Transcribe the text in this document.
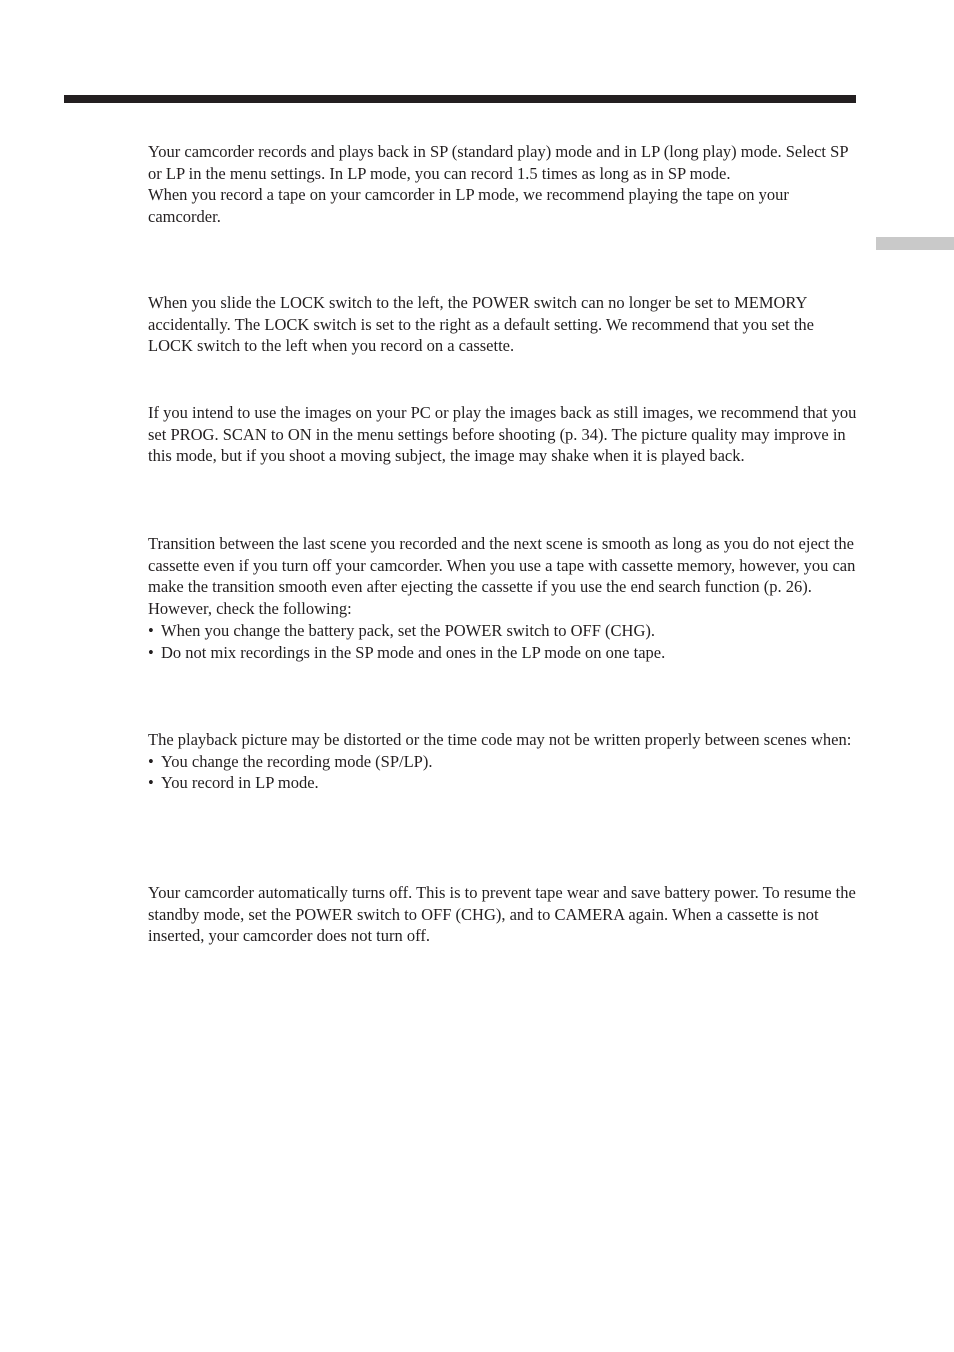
Your camcorder records and plays back in SP (standard play) mode and in LP (long play) mode. Select SP or LP in the menu settings. In LP mode, you can record 1.5 times as long as in SP mode.

When you record a tape on your camcorder in LP mode, we recommend playing the tape on your camcorder.

When you slide the LOCK switch to the left, the POWER switch can no longer be set to MEMORY accidentally. The LOCK switch is set to the right as a default setting. We recommend that you set the LOCK switch to the left when you record on a cassette.

If you intend to use the images on your PC or play the images back as still images, we recommend that you set PROG. SCAN to ON in the menu settings before shooting (p. 34). The picture quality may improve in this mode, but if you shoot a moving subject, the image may shake when it is played back.

Transition between the last scene you recorded and the next scene is smooth as long as you do not eject the cassette even if you turn off your camcorder. When you use a tape with cassette memory, however, you can make the transition smooth even after ejecting the cassette if you use the end search function (p. 26).

However, check the following:

• When you change the battery pack, set the POWER switch to OFF (CHG).

• Do not mix recordings in the SP mode and ones in the LP mode on one tape.

The playback picture may be distorted or the time code may not be written properly between scenes when:

• You change the recording mode (SP/LP).

• You record in LP mode.

Your camcorder automatically turns off. This is to prevent tape wear and save battery power. To resume the standby mode, set the POWER switch to OFF (CHG), and to CAMERA again. When a cassette is not inserted, your camcorder does not turn off.
